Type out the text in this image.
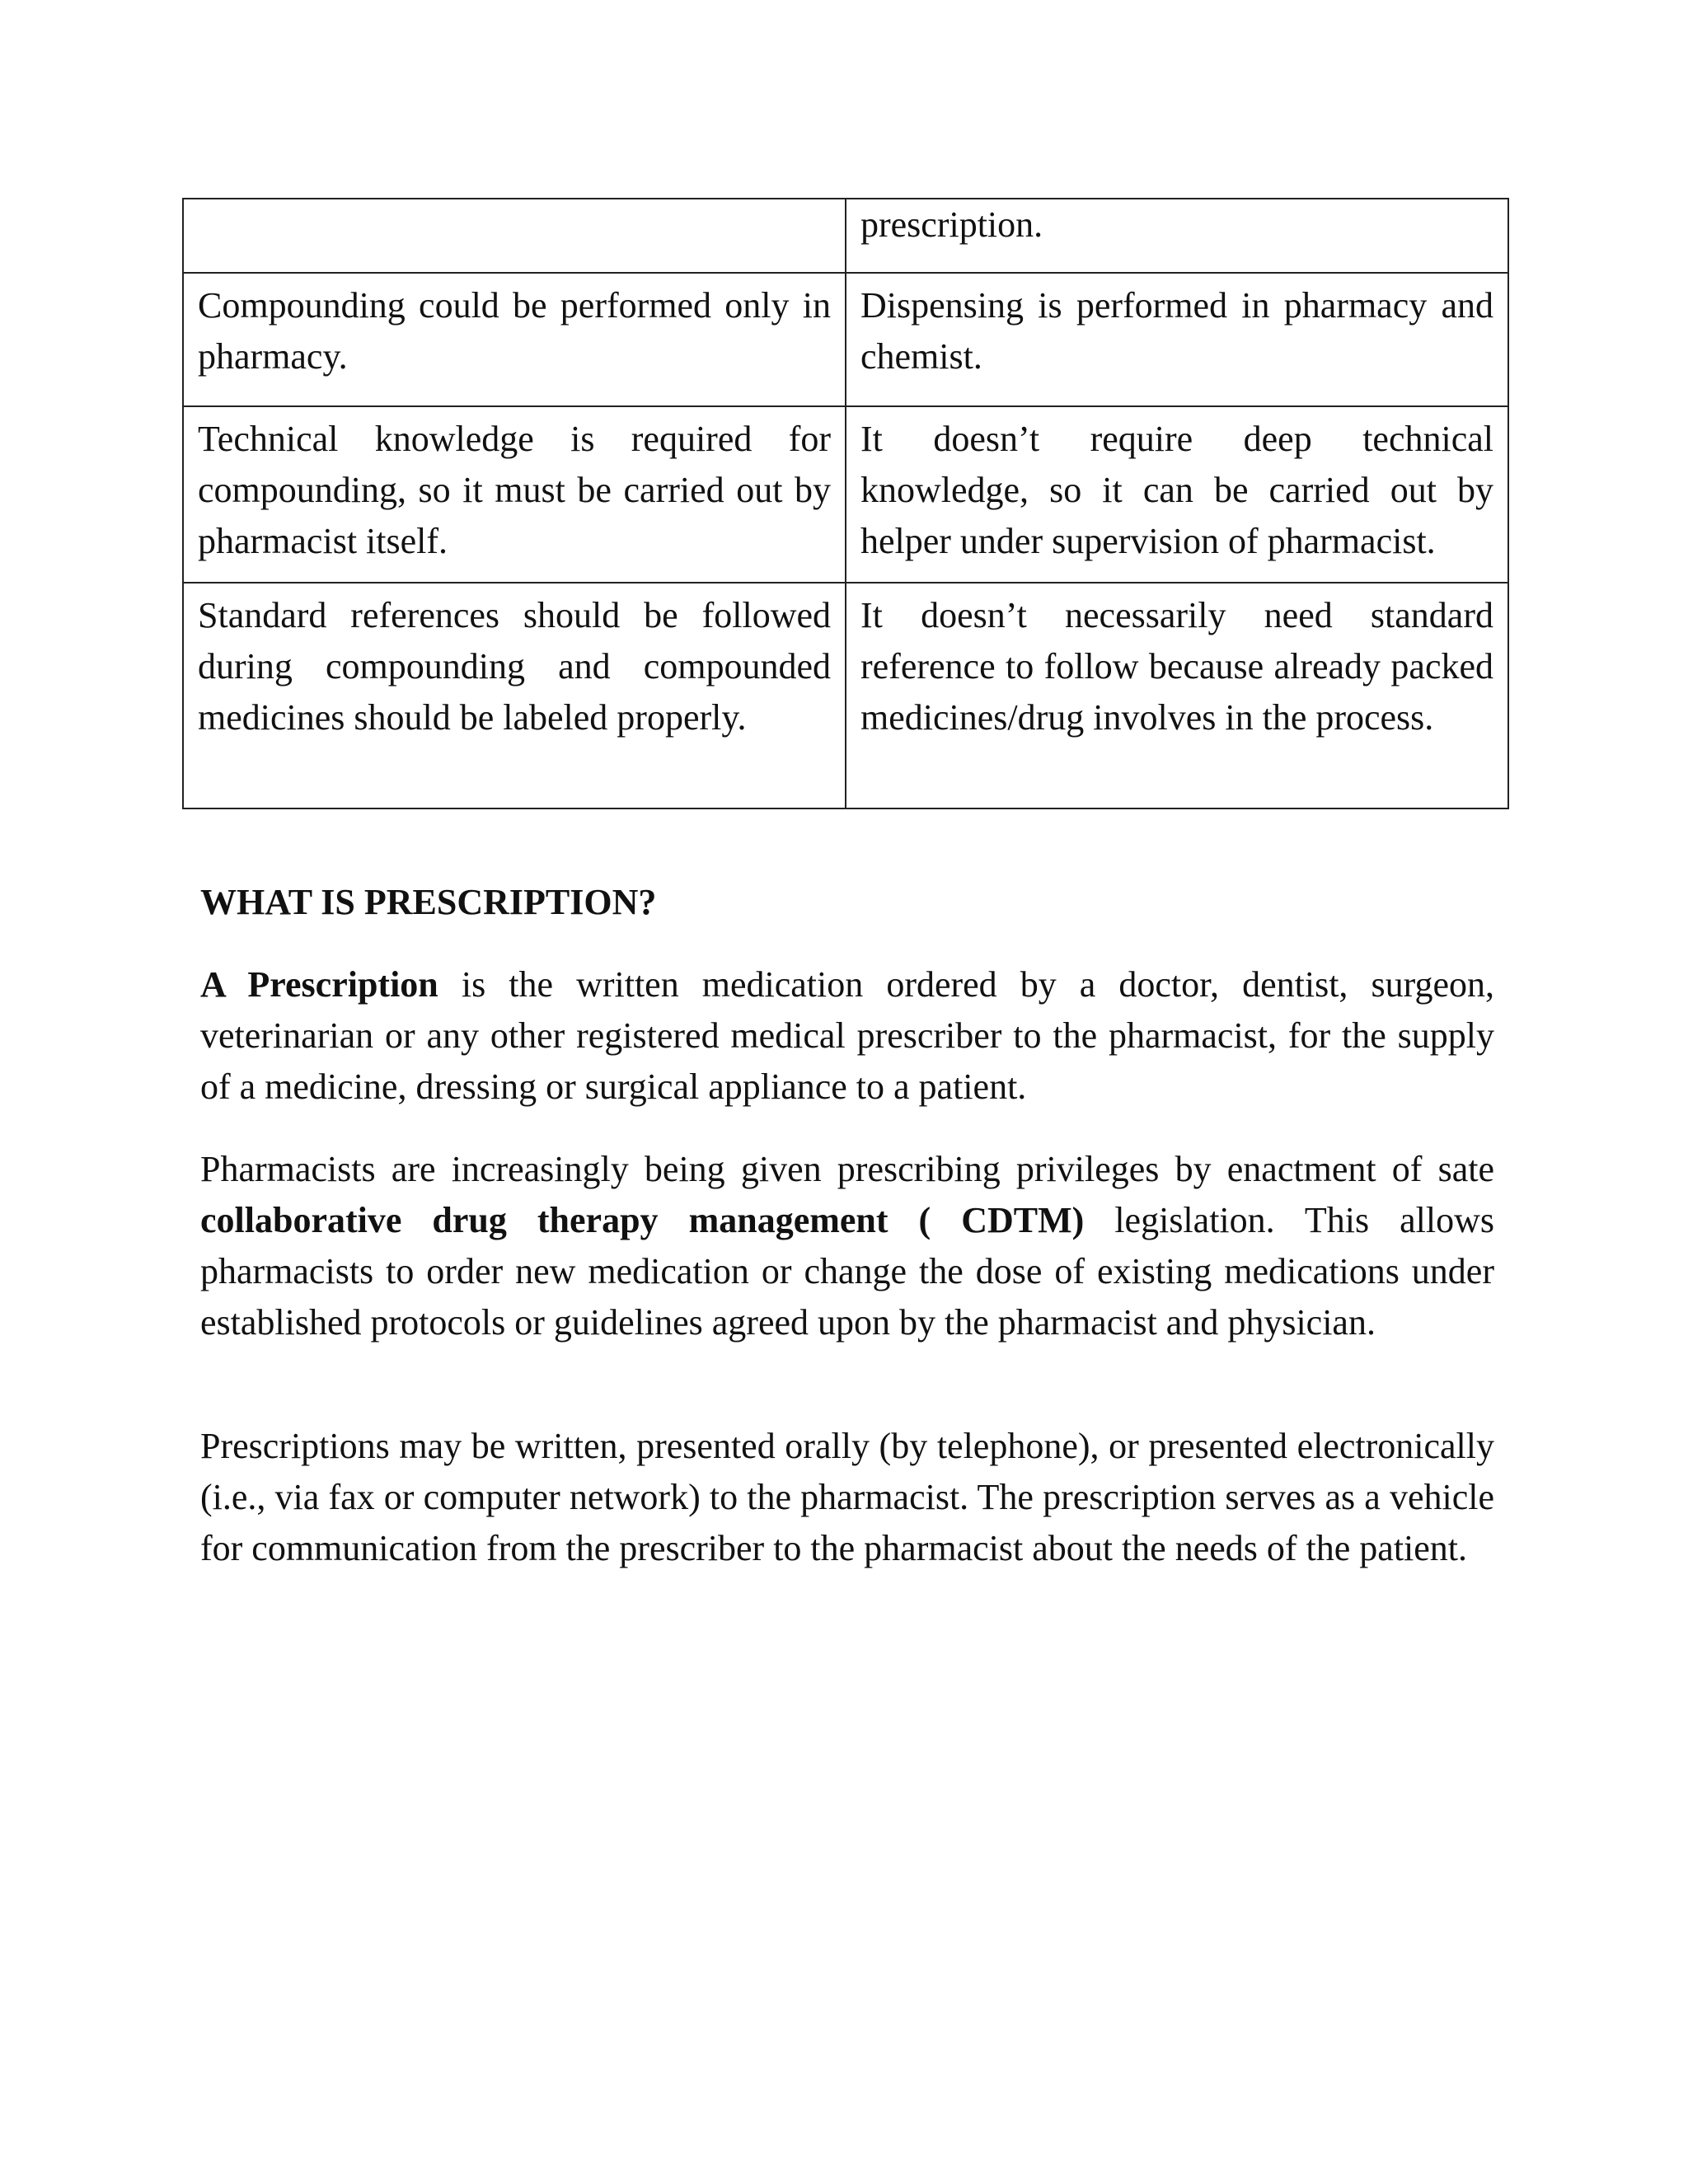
	prescription.
Compounding could be performed only in pharmacy.	Dispensing is performed in pharmacy and chemist.
Technical knowledge is required for compounding, so it must be carried out by pharmacist itself.	It doesn’t require deep technical knowledge, so it can be carried out by helper under supervision of pharmacist.
Standard references should be followed during compounding and compounded medicines should be labeled properly.	It doesn’t necessarily need standard reference to follow because already packed medicines/drug involves in the process.
WHAT IS PRESCRIPTION?

A Prescription is the written medication ordered by a doctor, dentist, surgeon, veterinarian or any other registered medical prescriber to the pharmacist, for the supply of a medicine, dressing or surgical appliance to a patient.

Pharmacists are increasingly being given prescribing privileges by enactment of sate collaborative drug therapy management ( CDTM) legislation. This allows pharmacists to order new medication or change the dose of existing medications under established protocols or guidelines agreed upon by the pharmacist and physician.

Prescriptions may be written, presented orally (by telephone), or presented electronically (i.e., via fax or computer network) to the pharmacist. The prescription serves as a vehicle for communication from the prescriber to the pharmacist about the needs of the patient.
